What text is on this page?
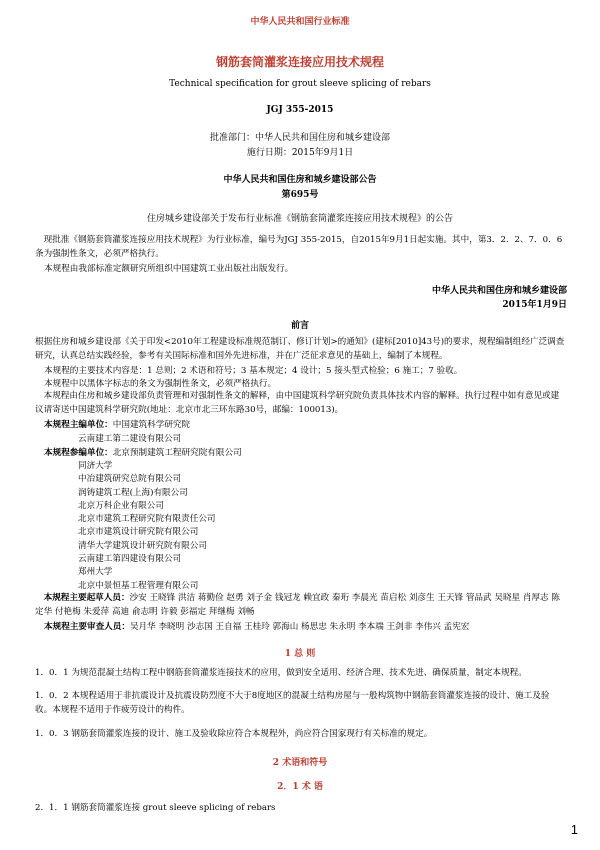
中华人民共和国行业标准
钢筋套筒灌浆连接应用技术规程
Technical specification for grout sleeve splicing of rebars
JGJ 355-2015
批准部门：中华人民共和国住房和城乡建设部
施行日期：2015年9月1日
中华人民共和国住房和城乡建设部公告
第695号
住房城乡建设部关于发布行业标准《钢筋套筒灌浆连接应用技术规程》的公告
现批准《钢筋套筒灌浆连接应用技术规程》为行业标准，编号为JGJ 355-2015，自2015年9月1日起实施。其中，第3．2．2、7．0．6条为强制性条文，必须严格执行。
本规程由我部标准定额研究所组织中国建筑工业出版社出版发行。
中华人民共和国住房和城乡建设部
2015年1月9日
前言
根据住房和城乡建设部《关于印发<2010年工程建设标准规范制订、修订计划>的通知》(建标[2010]43号)的要求，规程编制组经广泛调查研究，认真总结实践经验，参考有关国际标准和国外先进标准，并在广泛征求意见的基础上，编制了本规程。
本规程的主要技术内容是：1 总则；2 术语和符号；3 基本规定；4 设计；5 接头型式检验；6 施工；7 验收。
本规程中以黑体字标志的条文为强制性条文，必须严格执行。
本规程由住房和城乡建设部负责管理和对强制性条文的解释，由中国建筑科学研究院负责具体技术内容的解释。执行过程中如有意见或建议请寄送中国建筑科学研究院(地址：北京市北三环东路30号，邮编：100013)。
本规程主编单位：中国建筑科学研究院
云南建工第二建设有限公司
本规程参编单位：北京预制建筑工程研究院有限公司
同济大学
中冶建筑研究总院有限公司
润铸建筑工程(上海)有限公司
北京万科企业有限公司
北京市建筑工程研究院有限责任公司
北京市建筑设计研究院有限公司
清华大学建筑设计研究院有限公司
云南建工第四建设有限公司
郑州大学
北京中景恒基工程管理有限公司
本规程主要起草人员：沙安 王晓锋 洪洁 蒋勤俭 赵勇 刘子金 钱冠龙 赖宜政 秦珩 李晨光 苗启松 刘彦生 王天锋 管品武 吴晓星 肖厚志 陈定华 付艳梅 朱爱萍 高迪 俞志明 许毅 彭福定 拜继梅 刘畅
本规程主要审查人员：吴月华 李晓明 沙志国 王自福 王桂玲 郭海山 杨思忠 朱永明 李本端 王剑非 李伟兴 孟宪宏
1 总 则
1．0．1 为规范混凝土结构工程中钢筋套筒灌浆连接技术的应用，做到安全适用、经济合理、技术先进、确保质量，制定本规程。
1．0．2 本规程适用于非抗震设计及抗震设防烈度不大于8度地区的混凝土结构房屋与一般构筑物中钢筋套筒灌浆连接的设计、施工及验收。本规程不适用于作疲劳设计的构件。
1．0．3 钢筋套筒灌浆连接的设计、施工及验收除应符合本规程外，尚应符合国家现行有关标准的规定。
2 术语和符号
2．1 术 语
2．1．1 钢筋套筒灌浆连接 grout sleeve splicing of rebars
1
